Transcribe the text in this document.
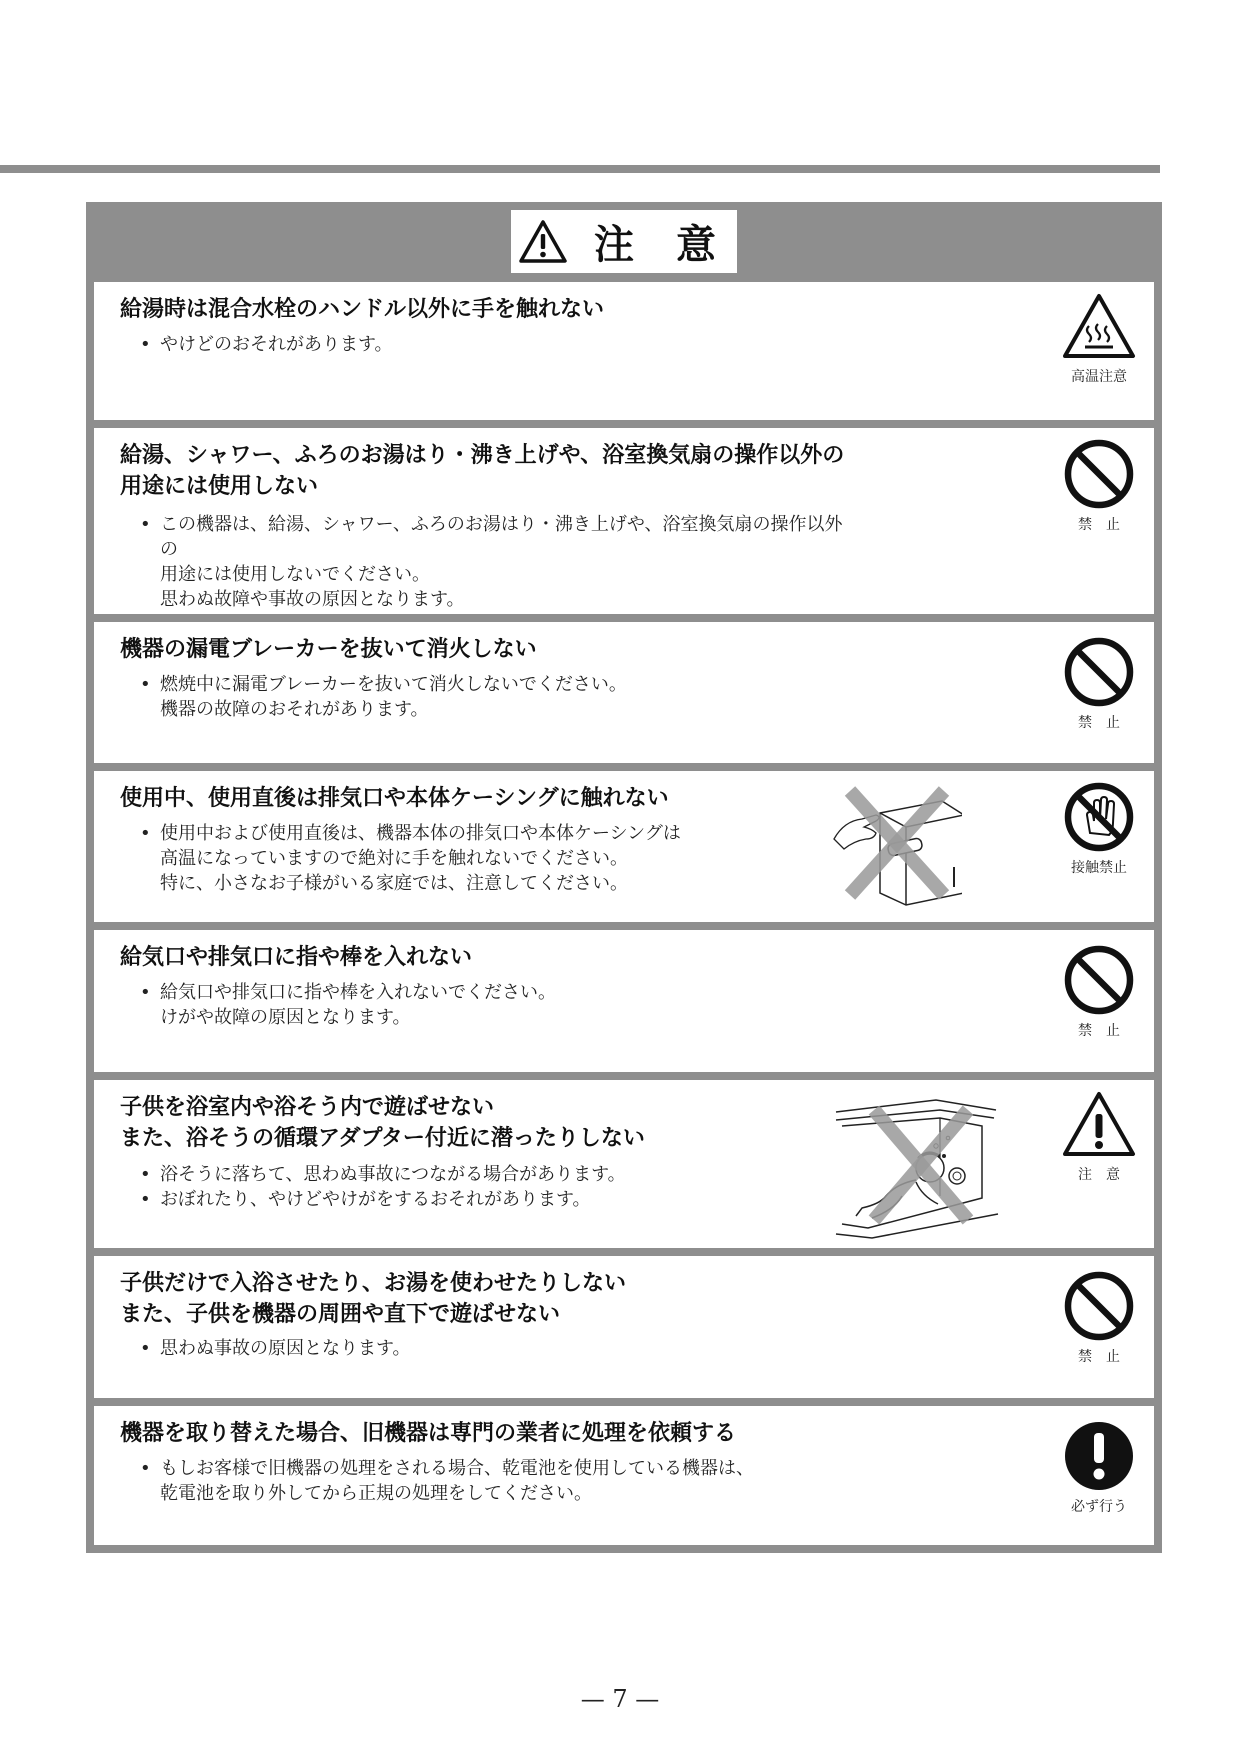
注 意
給湯時は混合水栓のハンドル以外に手を触れない
• やけどのおそれがあります。
高温注意
給湯、シャワー、ふろのお湯はり・沸き上げや、浴室換気扇の操作以外の
用途には使用しない
• この機器は、給湯、シャワー、ふろのお湯はり・沸き上げや、浴室換気扇の操作以外の
用途には使用しないでください。
思わぬ故障や事故の原因となります。
禁　止
機器の漏電ブレーカーを抜いて消火しない
• 燃焼中に漏電ブレーカーを抜いて消火しないでください。
機器の故障のおそれがあります。
禁　止
使用中、使用直後は排気口や本体ケーシングに触れない
• 使用中および使用直後は、機器本体の排気口や本体ケーシングは
高温になっていますので絶対に手を触れないでください。
特に、小さなお子様がいる家庭では、注意してください。
接触禁止
給気口や排気口に指や棒を入れない
• 給気口や排気口に指や棒を入れないでください。
けがや故障の原因となります。
禁　止
子供を浴室内や浴そう内で遊ばせない
また、浴そうの循環アダプター付近に潜ったりしない
• 浴そうに落ちて、思わぬ事故につながる場合があります。
• おぼれたり、やけどやけがをするおそれがあります。
注　意
子供だけで入浴させたり、お湯を使わせたりしない
また、子供を機器の周囲や直下で遊ばせない
• 思わぬ事故の原因となります。	禁　止
機器を取り替えた場合、旧機器は専門の業者に処理を依頼する
• もしお客様で旧機器の処理をされる場合、乾電池を使用している機器は、
乾電池を取り外してから正規の処理をしてください。
必ず行う
— 7 —
